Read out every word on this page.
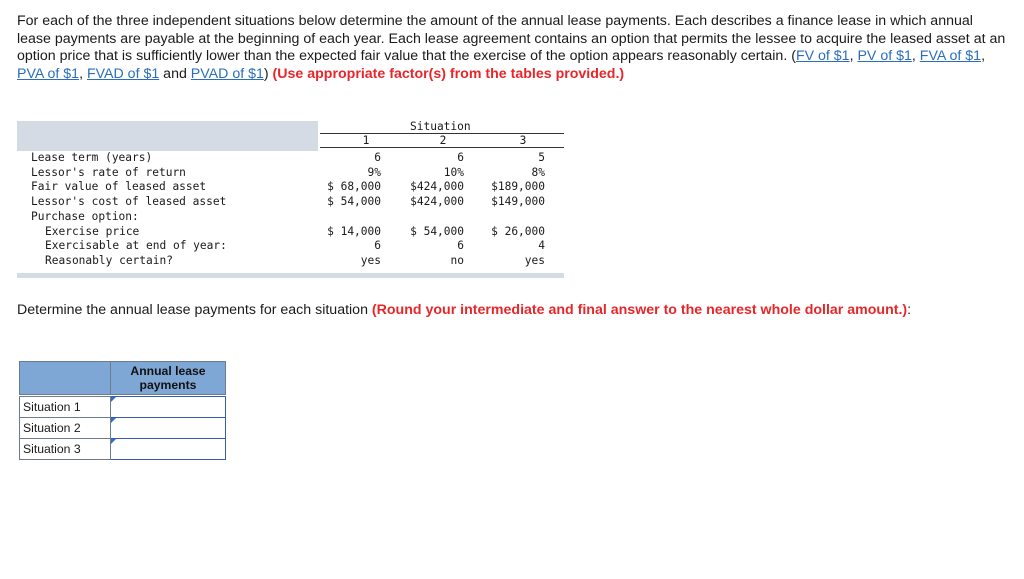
For each of the three independent situations below determine the amount of the annual lease payments. Each describes a finance lease in which annual lease payments are payable at the beginning of each year. Each lease agreement contains an option that permits the lessee to acquire the leased asset at an option price that is sufficiently lower than the expected fair value that the exercise of the option appears reasonably certain. (FV of $1, PV of $1, FVA of $1, PVA of $1, FVAD of $1 and PVAD of $1) (Use appropriate factor(s) from the tables provided.)
Situation
1	2	3
Lease term (years)	6	6	5
Lessor's rate of return	9%	10%	8%
Fair value of leased asset	$ 68,000	$424,000 $189,000
Lessor's cost of leased asset	$ 54,000	$424,000 $149,000
Purchase option:
Exercise price	$ 14,000	$ 54,000 $ 26,000
Exercisable at end of year:	6	6	4
Reasonably certain?	yes	no	yes
Determine the annual lease payments for each situation (Round your intermediate and final answer to the nearest whole dollar amount.):
	Annual lease payments

Situation 1	

Situation 2	

Situation 3	
